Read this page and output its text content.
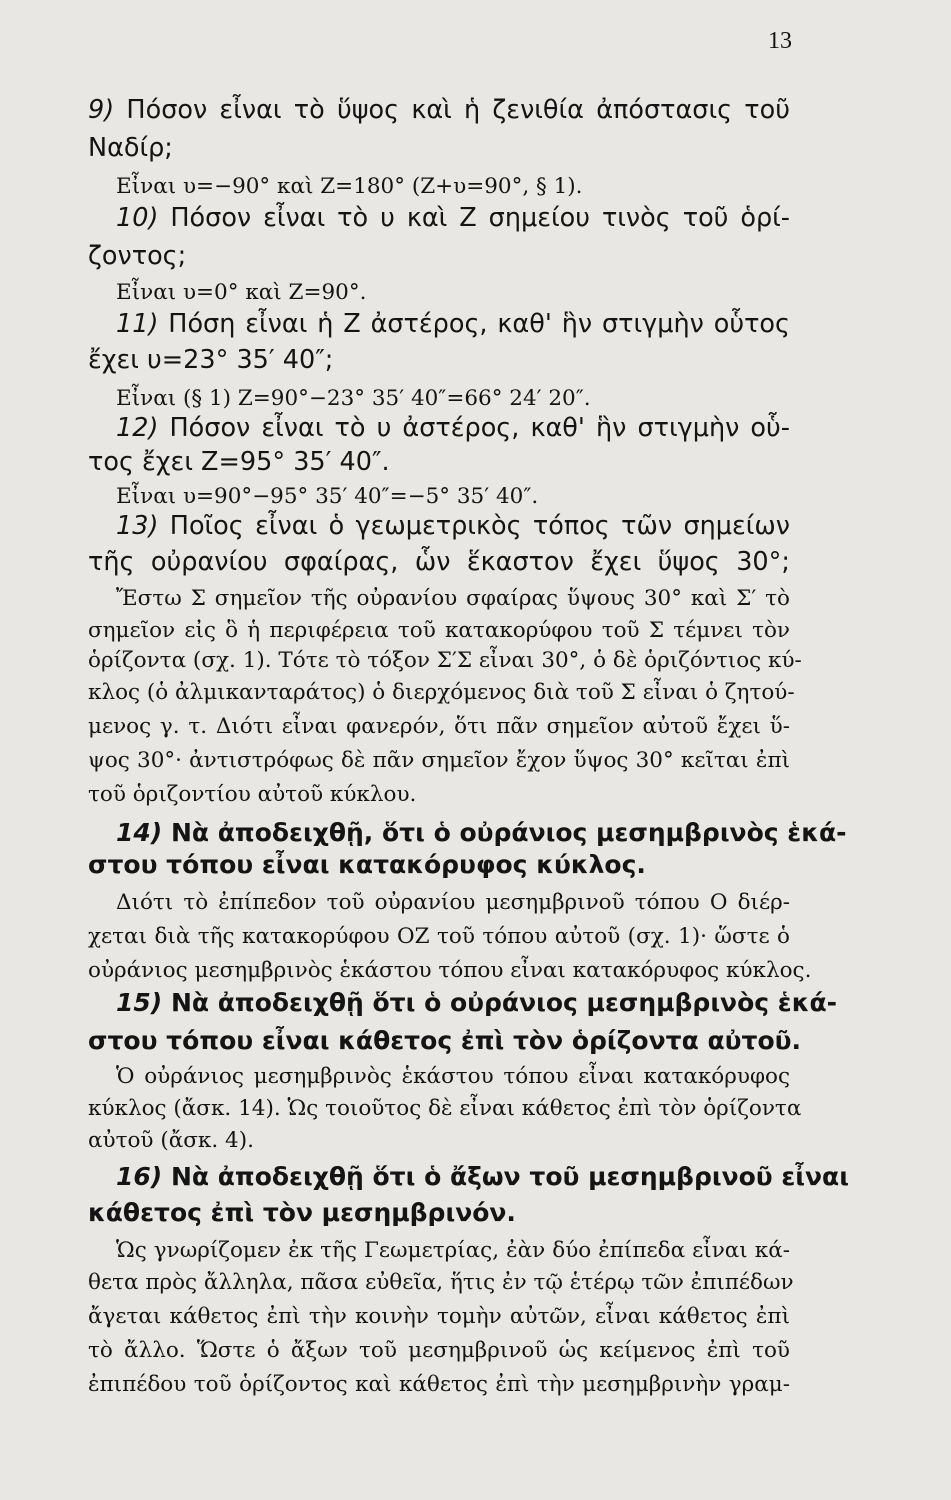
13

9) Πόσον εἶναι τὸ ὕψος καὶ ἡ ζενιθία ἀπόστασις τοῦ

Ναδίρ;

Εἶναι υ=−90° καὶ Z=180° (Z+υ=90°, § 1).

10) Πόσον εἶναι τὸ υ καὶ Z σημείου τινὸς τοῦ ὁρί-

ζοντος;

Εἶναι υ=0° καὶ Z=90°.

11) Πόση εἶναι ἡ Z ἀστέρος, καθ' ἣν στιγμὴν οὗτος

ἔχει υ=23° 35′ 40″;

Εἶναι (§ 1) Z=90°−23° 35′ 40″=66° 24′ 20″.

12) Πόσον εἶναι τὸ υ ἀστέρος, καθ' ἣν στιγμὴν οὗ-

τος ἔχει Z=95° 35′ 40″.

Εἶναι υ=90°−95° 35′ 40″=−5° 35′ 40″.

13) Ποῖος εἶναι ὁ γεωμετρικὸς τόπος τῶν σημείων

τῆς οὐρανίου σφαίρας, ὧν ἕκαστον ἔχει ὕψος 30°;

Ἔστω Σ σημεῖον τῆς οὐρανίου σφαίρας ὕψους 30° καὶ Σ′ τὸ

σημεῖον εἰς ὃ ἡ περιφέρεια τοῦ κατακορύφου τοῦ Σ τέμνει τὸν

ὁρίζοντα (σχ. 1). Τότε τὸ τόξον Σ′Σ εἶναι 30°, ὁ δὲ ὁριζόντιος κύ-

κλος (ὁ ἀλμικανταράτος) ὁ διερχόμενος διὰ τοῦ Σ εἶναι ὁ ζητού-

μενος γ. τ. Διότι εἶναι φανερόν, ὅτι πᾶν σημεῖον αὐτοῦ ἔχει ὕ-

ψος 30°· ἀντιστρόφως δὲ πᾶν σημεῖον ἔχον ὕψος 30° κεῖται ἐπὶ

τοῦ ὁριζοντίου αὐτοῦ κύκλου.

14) Νὰ ἀποδειχθῇ, ὅτι ὁ οὐράνιος μεσημβρινὸς ἑκά-

στου τόπου εἶναι κατακόρυφος κύκλος.

Διότι τὸ ἐπίπεδον τοῦ οὐρανίου μεσημβρινοῦ τόπου Ο διέρ-

χεται διὰ τῆς κατακορύφου ΟΖ τοῦ τόπου αὐτοῦ (σχ. 1)· ὥστε ὁ

οὐράνιος μεσημβρινὸς ἑκάστου τόπου εἶναι κατακόρυφος κύκλος.

15) Νὰ ἀποδειχθῇ ὅτι ὁ οὐράνιος μεσημβρινὸς ἑκά-

στου τόπου εἶναι κάθετος ἐπὶ τὸν ὁρίζοντα αὐτοῦ.

Ὁ οὐράνιος μεσημβρινὸς ἑκάστου τόπου εἶναι κατακόρυφος

κύκλος (ἄσκ. 14). Ὡς τοιοῦτος δὲ εἶναι κάθετος ἐπὶ τὸν ὁρίζοντα

αὐτοῦ (ἄσκ. 4).

16) Νὰ ἀποδειχθῇ ὅτι ὁ ἄξων τοῦ μεσημβρινοῦ εἶναι

κάθετος ἐπὶ τὸν μεσημβρινόν.

Ὡς γνωρίζομεν ἐκ τῆς Γεωμετρίας, ἐὰν δύο ἐπίπεδα εἶναι κά-

θετα πρὸς ἄλληλα, πᾶσα εὐθεῖα, ἥτις ἐν τῷ ἑτέρῳ τῶν ἐπιπέδων

ἄγεται κάθετος ἐπὶ τὴν κοινὴν τομὴν αὐτῶν, εἶναι κάθετος ἐπὶ

τὸ ἄλλο. Ὥστε ὁ ἄξων τοῦ μεσημβρινοῦ ὡς κείμενος ἐπὶ τοῦ

ἐπιπέδου τοῦ ὁρίζοντος καὶ κάθετος ἐπὶ τὴν μεσημβρινὴν γραμ-
